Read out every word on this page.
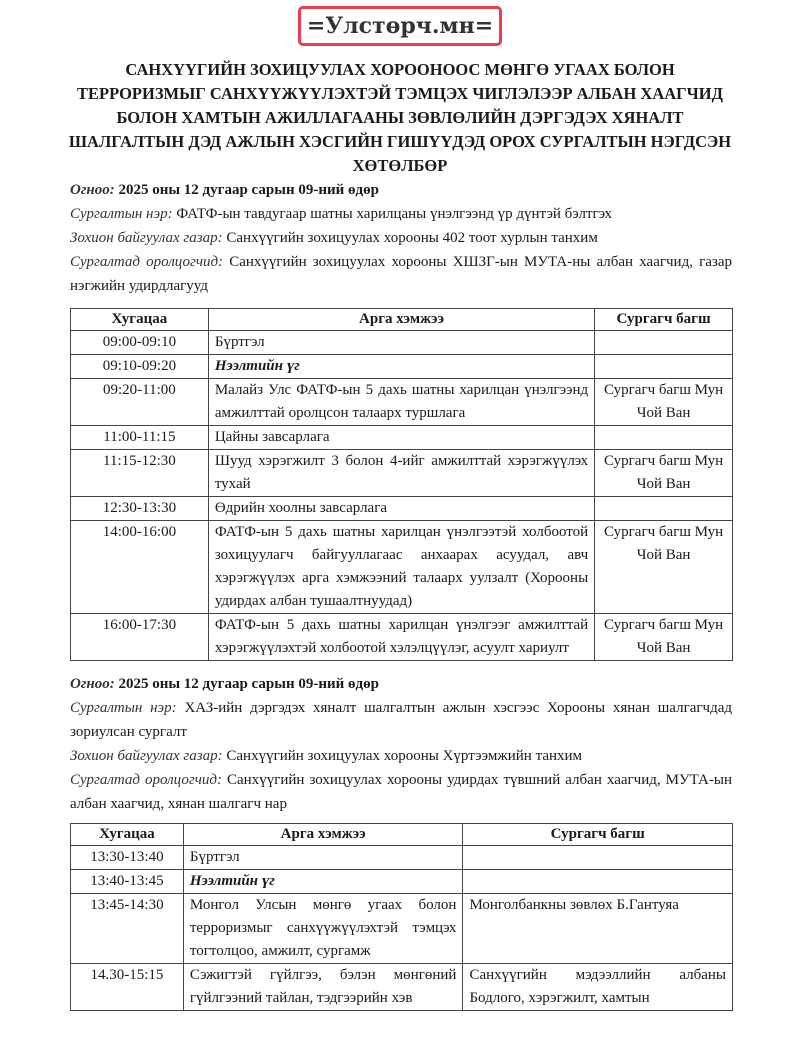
= Улстөрч.мн =
САНХҮҮГИЙН ЗОХИЦУУЛАХ ХОРООНООС МӨНГӨ УГААХ БОЛОН ТЕРРОРИЗМЫГ САНХҮҮЖҮҮЛЭХТЭЙ ТЭМЦЭХ ЧИГЛЭЛЭЭР АЛБАН ХААГЧИД БОЛОН ХАМТЫН АЖИЛЛАГААНЫ ЗӨВЛӨЛИЙН ДЭРГЭДЭХ ХЯНАЛТ ШАЛГАЛТЫН ДЭД АЖЛЫН ХЭСГИЙН ГИШҮҮДЭД ОРОХ СУРГАЛТЫН НЭГДСЭН ХӨТӨЛБӨР

Огноо: 2025 оны 12 дугаар сарын 09-ний өдөр

Сургалтын нэр: ФАТФ-ын тавдугаар шатны харилцаны үнэлгээнд үр дүнтэй бэлтгэх

Зохион байгуулах газар: Санхүүгийн зохицуулах хорооны 402 тоот хурлын танхим

Сургалтад оролцогчид: Санхүүгийн зохицуулах хорооны ХШЗГ-ын МУТА-ны албан хаагчид, газар нэгжийн удирдлагууд

Хугацаа	Арга хэмжээ	Сургагч багш
09:00-09:10	Бүртгэл	
09:10-09:20	Нээлтийн үг	
09:20-11:00	Малайз Улс ФАТФ-ын 5 дахь шатны харилцан үнэлгээнд амжилттай оролцсон талаарх туршлага	Сургагч багш Мун Чой Ван
11:00-11:15	Цайны завсарлага	
11:15-12:30	Шууд хэрэгжилт 3 болон 4-ийг амжилттай хэрэгжүүлэх тухай	Сургагч багш Мун Чой Ван
12:30-13:30	Өдрийн хоолны завсарлага	
14:00-16:00	ФАТФ-ын 5 дахь шатны харилцан үнэлгээтэй холбоотой зохицуулагч байгууллагаас анхаарах асуудал, авч хэрэгжүүлэх арга хэмжээний талаарх уулзалт (Хорооны удирдах албан тушаалтнуудад)	Сургагч багш Мун Чой Ван
16:00-17:30	ФАТФ-ын 5 дахь шатны харилцан үнэлгээг амжилттай хэрэгжүүлэхтэй холбоотой хэлэлцүүлэг, асуулт хариулт	Сургагч багш Мун Чой Ван

Огноо: 2025 оны 12 дугаар сарын 09-ний өдөр

Сургалтын нэр: ХАЗ-ийн дэргэдэх хяналт шалгалтын ажлын хэсгээс Хорооны хянан шалгагчдад зориулсан сургалт

Зохион байгуулах газар: Санхүүгийн зохицуулах хорооны Хүртээмжийн танхим

Сургалтад оролцогчид: Санхүүгийн зохицуулах хорооны удирдах түвшний албан хаагчид, МУТА-ын албан хаагчид, хянан шалгагч нар

Хугацаа	Арга хэмжээ	Сургагч багш
13:30-13:40	Бүртгэл	
13:40-13:45	Нээлтийн үг	
13:45-14:30	Монгол Улсын мөнгө угаах болон терроризмыг санхүүжүүлэхтэй тэмцэх тогтолцоо, амжилт, сургамж	Монголбанкны зөвлөх Б.Гантуяа
14.30-15:15	Сэжигтэй гүйлгээ, бэлэн мөнгөний гүйлгээний тайлан, тэдгээрийн хэв	Санхүүгийн мэдээллийн албаны Бодлого, хэрэгжилт, хамтын
